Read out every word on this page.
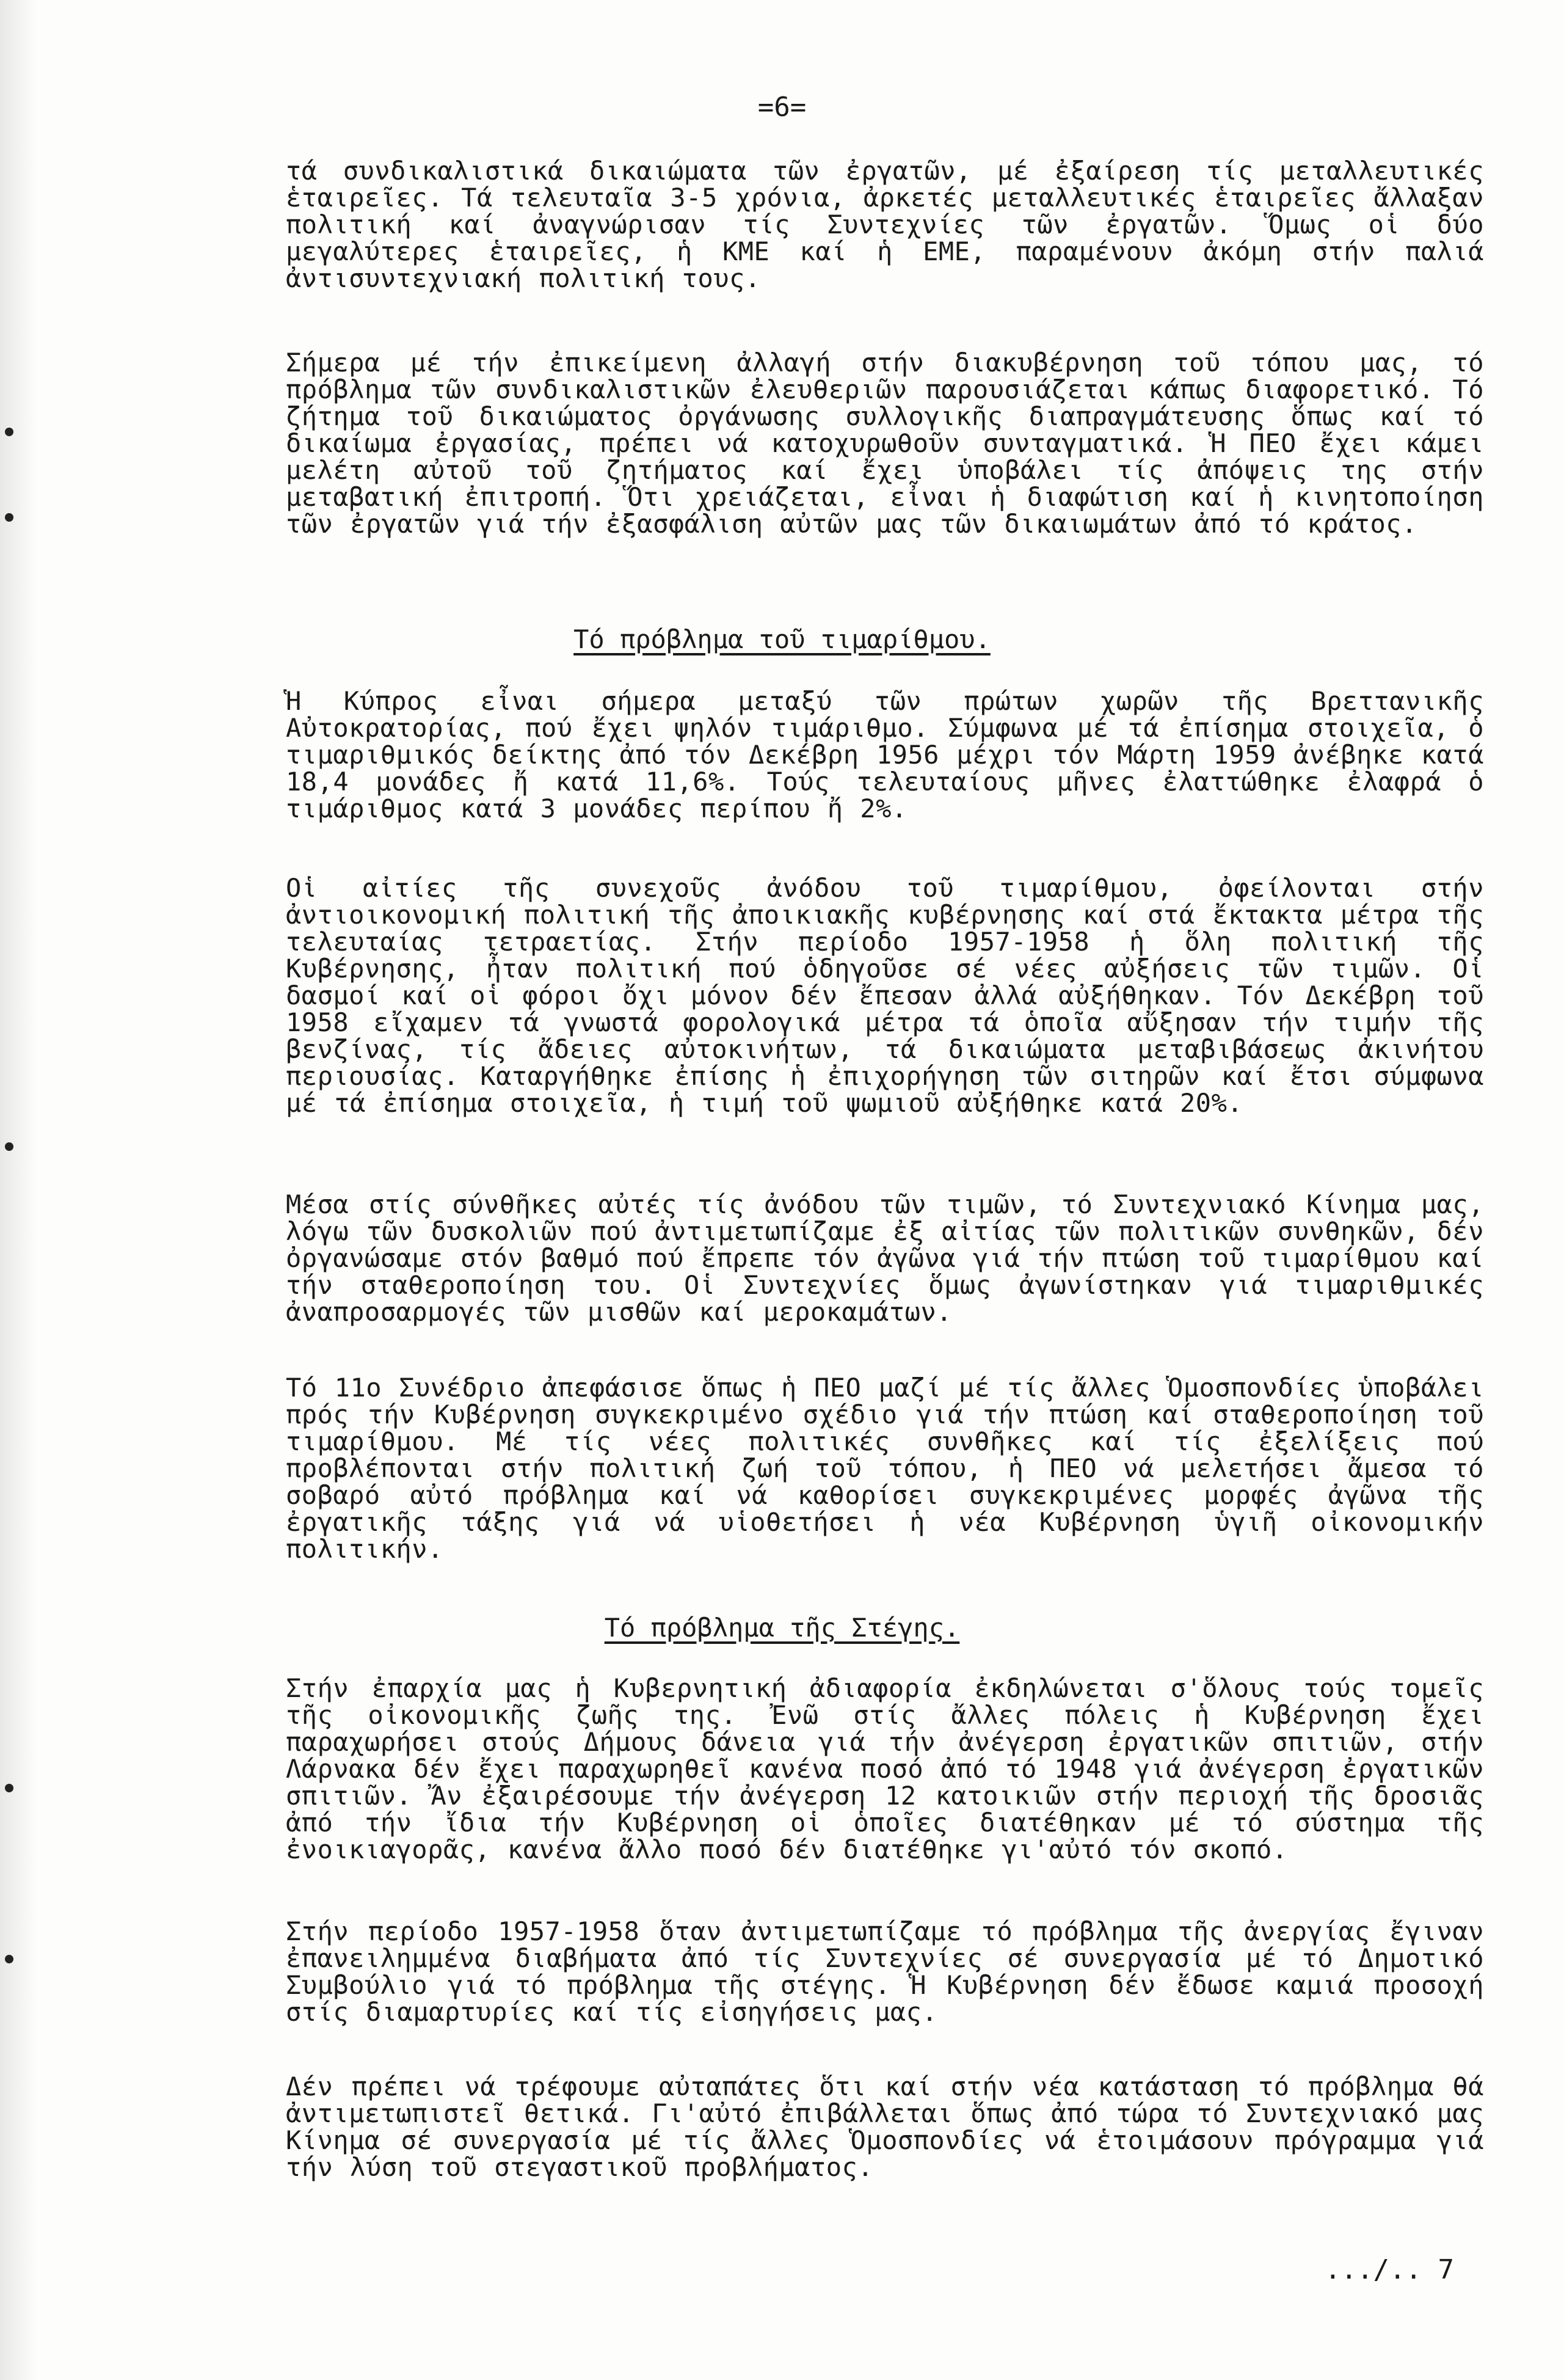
=6=

τά συνδικαλιστικά δικαιώματα τῶν ἐργατῶν, μέ ἐξαίρεση τίς μεταλλευτικές ἑταιρεῖες. Τά τελευταῖα 3-5 χρόνια, ἀρκετές μεταλλευτικές ἑταιρεῖες ἄλλαξαν πολιτική καί ἀναγνώρισαν τίς Συντεχνίες τῶν ἐργατῶν. Ὅμως οἱ δύο μεγαλύτερες ἑταιρεῖες, ἡ ΚΜΕ καί ἡ ΕΜΕ, παραμένουν ἀκόμη στήν παλιά ἀντισυντεχνιακή πολιτική τους.

Σήμερα μέ τήν ἐπικείμενη ἀλλαγή στήν διακυβέρνηση τοῦ τόπου μας, τό πρόβλημα τῶν συνδικαλιστικῶν ἐλευθεριῶν παρουσιάζεται κάπως διαφορετικό. Τό ζήτημα τοῦ δικαιώματος ὀργάνωσης συλλογικῆς διαπραγμάτευσης ὅπως καί τό δικαίωμα ἐργασίας, πρέπει νά κατοχυρωθοῦν συνταγματικά. Ἡ ΠΕΟ ἔχει κάμει μελέτη αὐτοῦ τοῦ ζητήματος καί ἔχει ὑποβάλει τίς ἀπόψεις της στήν μεταβατική ἐπιτροπή. Ὅτι χρειάζεται, εἶναι ἡ διαφώτιση καί ἡ κινητοποίηση τῶν ἐργατῶν γιά τήν ἐξασφάλιση αὐτῶν μας τῶν δικαιωμάτων ἀπό τό κράτος.

Τό πρόβλημα τοῦ τιμαρίθμου.

Ἡ Κύπρος εἶναι σήμερα μεταξύ τῶν πρώτων χωρῶν τῆς Βρεττανικῆς Αὐτοκρατορίας, πού ἔχει ψηλόν τιμάριθμο. Σύμφωνα μέ τά ἐπίσημα στοιχεῖα, ὁ τιμαριθμικός δείκτης ἀπό τόν Δεκέβρη 1956 μέχρι τόν Μάρτη 1959 ἀνέβηκε κατά 18,4 μονάδες ἤ κατά 11,6%. Τούς τελευταίους μῆνες ἐλαττώθηκε ἐλαφρά ὁ τιμάριθμος κατά 3 μονάδες περίπου ἤ 2%.

Οἱ αἰτίες τῆς συνεχοῦς ἀνόδου τοῦ τιμαρίθμου, ὀφείλονται στήν ἀντιοικονομική πολιτική τῆς ἀποικιακῆς κυβέρνησης καί στά ἔκτακτα μέτρα τῆς τελευταίας τετραετίας. Στήν περίοδο 1957-1958 ἡ ὅλη πολιτική τῆς Κυβέρνησης, ἦταν πολιτική πού ὁδηγοῦσε σέ νέες αὐξήσεις τῶν τιμῶν. Οἱ δασμοί καί οἱ φόροι ὄχι μόνον δέν ἔπεσαν ἀλλά αὐξήθηκαν. Τόν Δεκέβρη τοῦ 1958 εἴχαμεν τά γνωστά φορολογικά μέτρα τά ὁποῖα αὔξησαν τήν τιμήν τῆς βενζίνας, τίς ἄδειες αὐτοκινήτων, τά δικαιώματα μεταβιβάσεως ἀκινήτου περιουσίας. Καταργήθηκε ἐπίσης ἡ ἐπιχορήγηση τῶν σιτηρῶν καί ἔτσι σύμφωνα μέ τά ἐπίσημα στοιχεῖα, ἡ τιμή τοῦ ψωμιοῦ αὐξήθηκε κατά 20%.

Μέσα στίς σύνθῆκες αὐτές τίς ἀνόδου τῶν τιμῶν, τό Συντεχνιακό Κίνημα μας, λόγω τῶν δυσκολιῶν πού ἀντιμετωπίζαμε ἐξ αἰτίας τῶν πολιτικῶν συνθηκῶν, δέν ὀργανώσαμε στόν βαθμό πού ἔπρεπε τόν ἀγῶνα γιά τήν πτώση τοῦ τιμαρίθμου καί τήν σταθεροποίηση του. Οἱ Συντεχνίες ὅμως ἀγωνίστηκαν γιά τιμαριθμικές ἀναπροσαρμογές τῶν μισθῶν καί μεροκαμάτων.

Τό 11ο Συνέδριο ἀπεφάσισε ὅπως ἡ ΠΕΟ μαζί μέ τίς ἄλλες Ὁμοσπονδίες ὑποβάλει πρός τήν Κυβέρνηση συγκεκριμένο σχέδιο γιά τήν πτώση καί σταθεροποίηση τοῦ τιμαρίθμου. Μέ τίς νέες πολιτικές συνθῆκες καί τίς ἐξελίξεις πού προβλέπονται στήν πολιτική ζωή τοῦ τόπου, ἡ ΠΕΟ νά μελετήσει ἄμεσα τό σοβαρό αὐτό πρόβλημα καί νά καθορίσει συγκεκριμένες μορφές ἀγῶνα τῆς ἐργατικῆς τάξης γιά νά υἱοθετήσει ἡ νέα Κυβέρνηση ὑγιῆ οἰκονομικήν πολιτικήν.

Τό πρόβλημα τῆς Στέγης.

Στήν ἐπαρχία μας ἡ Κυβερνητική ἀδιαφορία ἐκδηλώνεται σ'ὅλους τούς τομεῖς τῆς οἰκονομικῆς ζωῆς της. Ἐνῶ στίς ἄλλες πόλεις ἡ Κυβέρνηση ἔχει παραχωρήσει στούς Δήμους δάνεια γιά τήν ἀνέγερση ἐργατικῶν σπιτιῶν, στήν Λάρνακα δέν ἔχει παραχωρηθεῖ κανένα ποσό ἀπό τό 1948 γιά ἀνέγερση ἐργατικῶν σπιτιῶν. Ἄν ἐξαιρέσουμε τήν ἀνέγερση 12 κατοικιῶν στήν περιοχή τῆς δροσιᾶς ἀπό τήν ἴδια τήν Κυβέρνηση οἱ ὁποῖες διατέθηκαν μέ τό σύστημα τῆς ἐνοικιαγορᾶς, κανένα ἄλλο ποσό δέν διατέθηκε γι'αὐτό τόν σκοπό.

Στήν περίοδο 1957-1958 ὅταν ἀντιμετωπίζαμε τό πρόβλημα τῆς ἀνεργίας ἔγιναν ἐπανειλημμένα διαβήματα ἀπό τίς Συντεχνίες σέ συνεργασία μέ τό Δημοτικό Συμβούλιο γιά τό πρόβλημα τῆς στέγης. Ἡ Κυβέρνηση δέν ἔδωσε καμιά προσοχή στίς διαμαρτυρίες καί τίς εἰσηγήσεις μας.

Δέν πρέπει νά τρέφουμε αὐταπάτες ὅτι καί στήν νέα κατάσταση τό πρόβλημα θά ἀντιμετωπιστεῖ θετικά. Γι'αὐτό ἐπιβάλλεται ὅπως ἀπό τώρα τό Συντεχνιακό μας Κίνημα σέ συνεργασία μέ τίς ἄλλες Ὁμοσπονδίες νά ἑτοιμάσουν πρόγραμμα γιά τήν λύση τοῦ στεγαστικοῦ προβλήματος.

.../.. 7
